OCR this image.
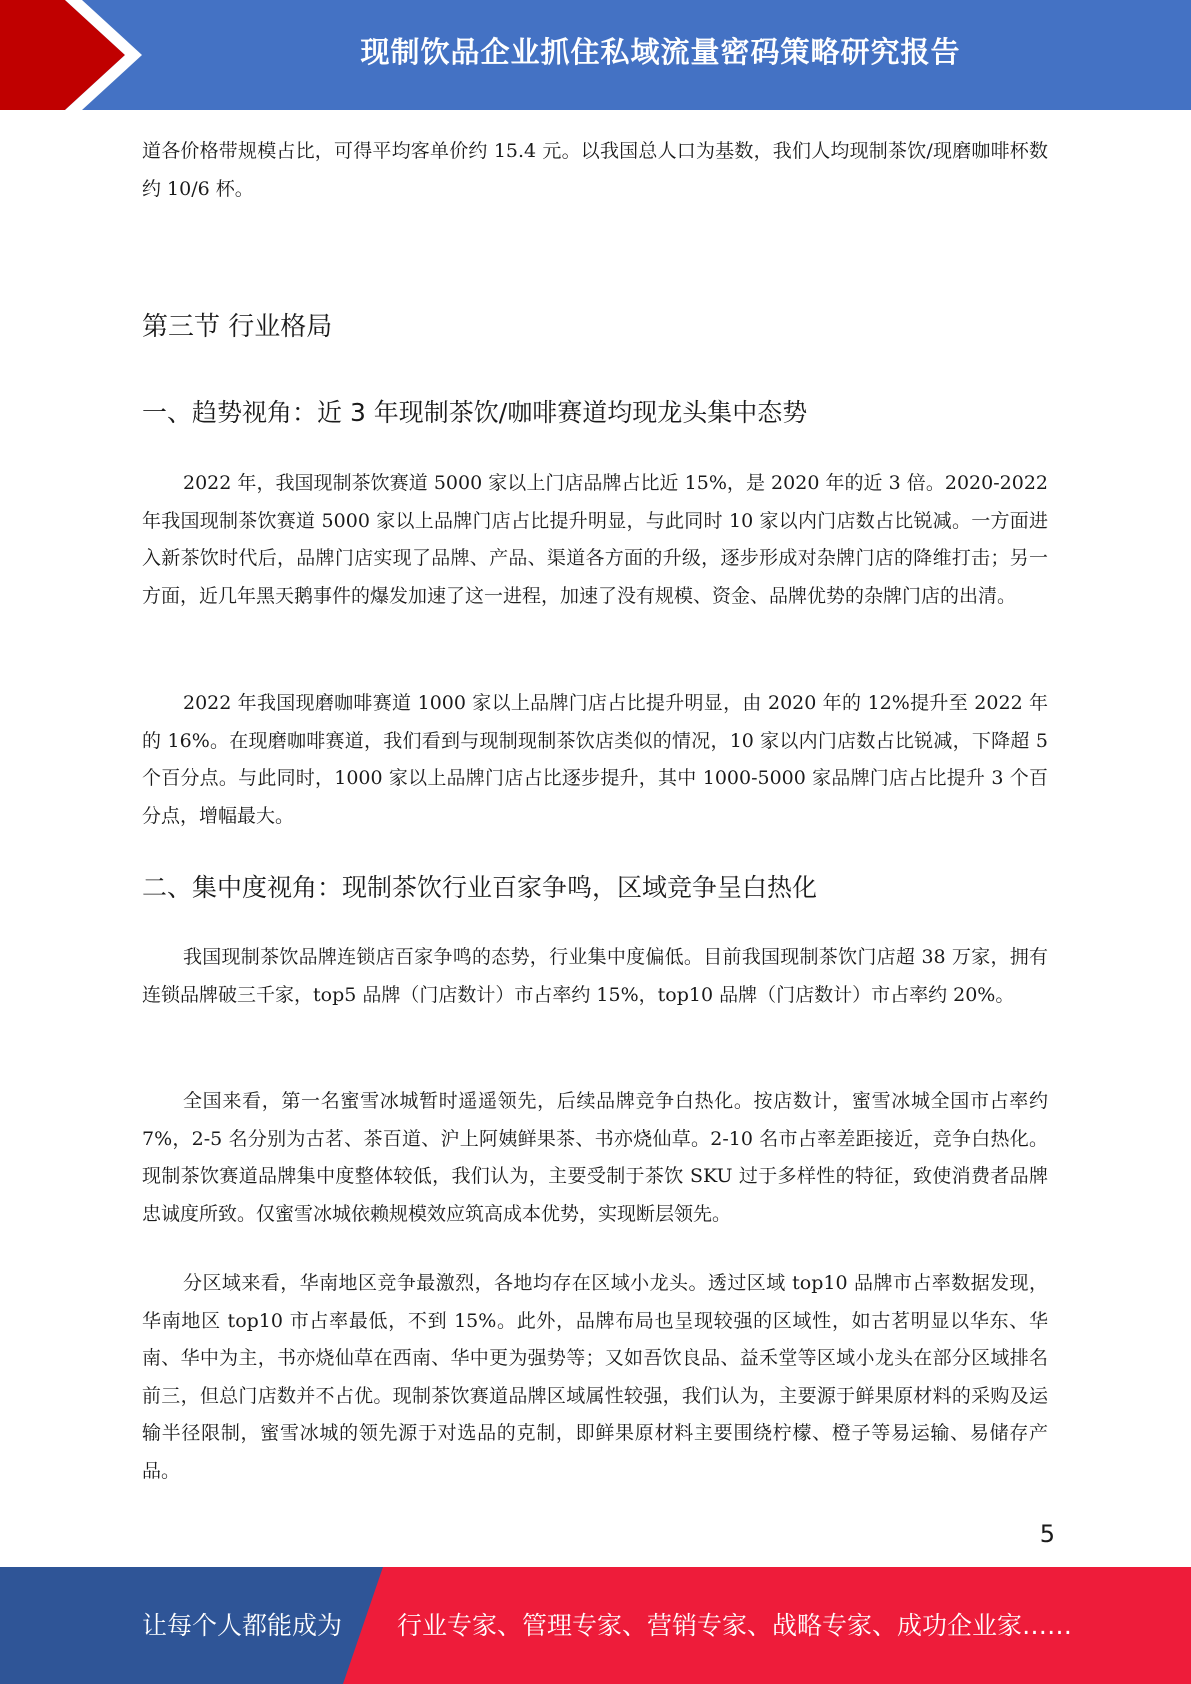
现制饮品企业抓住私域流量密码策略研究报告

道各价格带规模占比，可得平均客单价约 15.4 元。以我国总人口为基数，我们人均现制茶饮/现磨咖啡杯数约 10/6 杯。

第三节 行业格局
一、趋势视角：近 3 年现制茶饮/咖啡赛道均现龙头集中态势

2022 年，我国现制茶饮赛道 5000 家以上门店品牌占比近 15%，是 2020 年的近 3 倍。2020-2022 年我国现制茶饮赛道 5000 家以上品牌门店占比提升明显，与此同时 10 家以内门店数占比锐减。一方面进入新茶饮时代后，品牌门店实现了品牌、产品、渠道各方面的升级，逐步形成对杂牌门店的降维打击；另一方面，近几年黑天鹅事件的爆发加速了这一进程，加速了没有规模、资金、品牌优势的杂牌门店的出清。

2022 年我国现磨咖啡赛道 1000 家以上品牌门店占比提升明显，由 2020 年的 12%提升至 2022 年的 16%。在现磨咖啡赛道，我们看到与现制现制茶饮店类似的情况，10 家以内门店数占比锐减，下降超 5 个百分点。与此同时，1000 家以上品牌门店占比逐步提升，其中 1000-5000 家品牌门店占比提升 3 个百分点，增幅最大。

二、集中度视角：现制茶饮行业百家争鸣，区域竞争呈白热化

我国现制茶饮品牌连锁店百家争鸣的态势，行业集中度偏低。目前我国现制茶饮门店超 38 万家，拥有连锁品牌破三千家，top5 品牌（门店数计）市占率约 15%，top10 品牌（门店数计）市占率约 20%。

全国来看，第一名蜜雪冰城暂时遥遥领先，后续品牌竞争白热化。按店数计，蜜雪冰城全国市占率约 7%，2-5 名分别为古茗、茶百道、沪上阿姨鲜果茶、书亦烧仙草。2-10 名市占率差距接近，竞争白热化。现制茶饮赛道品牌集中度整体较低，我们认为，主要受制于茶饮 SKU 过于多样性的特征，致使消费者品牌忠诚度所致。仅蜜雪冰城依赖规模效应筑高成本优势，实现断层领先。

分区域来看，华南地区竞争最激烈，各地均存在区域小龙头。透过区域 top10 品牌市占率数据发现，华南地区 top10 市占率最低，不到 15%。此外，品牌布局也呈现较强的区域性，如古茗明显以华东、华南、华中为主，书亦烧仙草在西南、华中更为强势等；又如吾饮良品、益禾堂等区域小龙头在部分区域排名前三，但总门店数并不占优。现制茶饮赛道品牌区域属性较强，我们认为，主要源于鲜果原材料的采购及运输半径限制，蜜雪冰城的领先源于对选品的克制，即鲜果原材料主要围绕柠檬、橙子等易运输、易储存产品。

5
让每个人都能成为 行业专家、管理专家、营销专家、战略专家、成功企业家……
